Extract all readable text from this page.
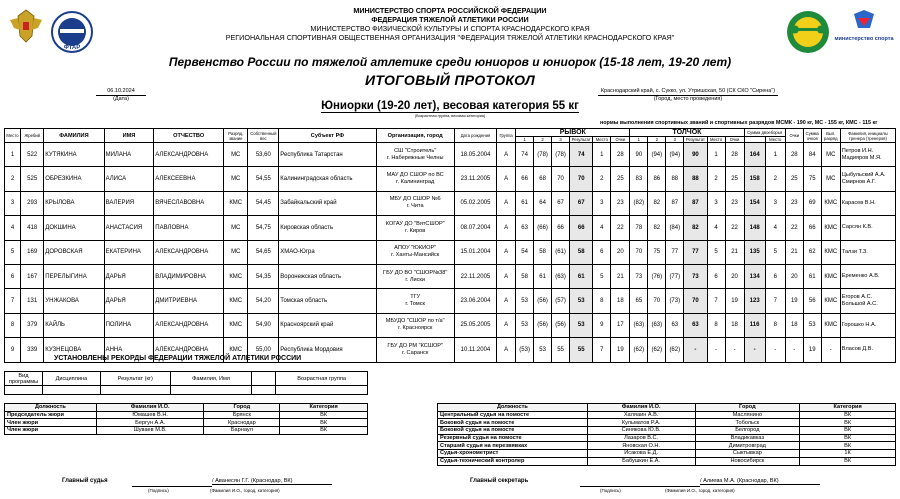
ФТАР
министерство спорта
МИНИСТЕРСТВО СПОРТА РОССИЙСКОЙ ФЕДЕРАЦИИ
ФЕДЕРАЦИЯ ТЯЖЕЛОЙ АТЛЕТИКИ РОССИИ
МИНИСТЕРСТВО ФИЗИЧЕСКОЙ КУЛЬТУРЫ И СПОРТА КРАСНОДАРСКОГО КРАЯ
РЕГИОНАЛЬНАЯ СПОРТИВНАЯ ОБЩЕСТВЕННАЯ ОРГАНИЗАЦИЯ "ФЕДЕРАЦИЯ ТЯЖЕЛОЙ АТЛЕТИКИ КРАСНОДАРСКОГО КРАЯ"
Первенство России по тяжелой атлетике среди юниоров и юниорок (15-18 лет, 19-20 лет)
ИТОГОВЫЙ ПРОТОКОЛ
06.10.2024
(Дата)
Краснодарский край, с. Сукко, ул. Утришская, 50 (СК СКО "Сирена")
(Город, место проведения)
Юниорки (19-20 лет), весовая категория 55 кг
(Возрастная группа, весовая категория)
нормы выполнения спортивных званий и спортивных разрядов МСМК - 190 кг, МС - 155 кг, КМС - 115 кг
Место	Жребий	ФАМИЛИЯ	ИМЯ	ОТЧЕСТВО	Разряд, звание	Собственный вес	Субъект РФ	Организация, город	Дата рождения	Группа	РЫВОК						ТОЛЧОК						Сумма двоеборья		Очки	Сумма очков	Вып. разряд	Фамилия, инициалы тренера (тренеров)
											1	2	3	Результат	Место	Очки	1	2	3	Результат	Место	Очки		Место				
1	522	КУТЯКИНА	МИЛАНА	АЛЕКСАНДРОВНА	МС	53,60	Республика Татарстан	СШ "Строитель"
г. Набережные Челны	18.05.2004	А	74	(78)	(78)	74	1	28	90	(94)	(94)	90	1	28	164	1	28	84	МС	Петров И.Н. Мадияров М.Я.
2	525	ОБРЕЗКИНА	АЛИСА	АЛЕКСЕЕВНА	МС	54,55	Калининградская область	МАУ ДО СШОР по ВС
г. Калининград	23.11.2005	А	66	68	70	70	2	25	83	86	88	88	2	25	158	2	25	75	МС	Цыбульский А.А. Смирнов А.Г.
3	293	КРЫЛОВА	ВАЛЕРИЯ	ВЯЧЕСЛАВОВНА	КМС	54,45	Забайкальский край	МБУ ДО СШОР №6
г. Чита	05.02.2005	А	61	64	67	67	3	23	(82)	82	87	87	3	23	154	3	23	69	КМС	Карасев В.Н.
4	418	ДОКШИНА	АНАСТАСИЯ	ПАВЛОВНА	МС	54,75	Кировская область	КОГАУ ДО "ВятСШОР"
г. Киров	08.07.2004	А	63	(66)	66	66	4	22	78	82	(84)	82	4	22	148	4	22	66	КМС	Сарсян К.В.
5	169	ДОРОВСКАЯ	ЕКАТЕРИНА	АЛЕКСАНДРОВНА	МС	54,65	ХМАО-Югра	АПОУ "ЮКИОР"
г. Ханты-Мансийск	15.01.2004	А	54	58	(61)	58	6	20	70	75	77	77	5	21	135	5	21	62	КМС	Талзи Т.З.
6	167	ПЕРЕЛЫГИНА	ДАРЬЯ	ВЛАДИМИРОВНА	КМС	54,35	Воронежская область	ГБУ ДО ВО "СШОР№38"
г. Лиски	22.11.2005	А	58	61	(63)	61	5	21	73	(76)	(77)	73	6	20	134	6	20	61	КМС	Еременко А.В.
7	131	УНЖАКОВА	ДАРЬЯ	ДМИТРИЕВНА	КМС	54,20	Томская область	ТГУ
г. Томск	23.06.2004	А	53	(56)	(57)	53	8	18	65	70	(73)	70	7	19	123	7	19	56	КМС	Егоров А.С. Большой А.С.
8	379	КАЙЛЬ	ПОЛИНА	АЛЕКСАНДРОВНА	КМС	54,90	Красноярский край	МБУДО "СШОР по т/а"
г. Красноярск	25.05.2005	А	53	(56)	(56)	53	9	17	(63)	(63)	63	63	8	18	116	8	18	53	КМС	Горошко Н.А.
9	339	КУЗНЕЦОВА	АННА	АЛЕКСАНДРОВНА	КМС	55,00	Республика Мордовия	ГБУ ДО РМ "КСШОР"
г. Саранск	10.11.2004	А	(53)	53	55	55	7	19	(62)	(62)	(62)	-	-	-	-	-	-	19	-	Власов Д.В.
УСТАНОВЛЕНЫ РЕКОРДЫ ФЕДЕРАЦИИ ТЯЖЕЛОЙ АТЛЕТИКИ РОССИИ
Вид программы	Дисциплина	Результат (кг)	Фамилия, Имя		Возрастная группа

Должность	Фамилия И.О.	Город	Категория
Председатель жюри	Юмашев В.Н.	Брянск	ВК
Член жюри	Бергун А.А.	Краснодар	ВК
Член жюри	Шуваев М.В.	Барнаул	ВК
Должность	Фамилия И.О.	Город	Категория
Центральный судья на помосте	Халяаин А.В.	Маслянино	ВК
Боковой судья на помосте	Кульматов Р.А.	Тобольск	ВК
Боковой судья на помосте	Синякова Ю.В.	Белгород	ВК
Резервный судья на помосте	Лазаров В.С.	Владикавказ	ВК
Старший судья на перезвявках	Яновская О.Н.	Димитровград	ВК
Судья-хронометрист	Исакова Е.Д.	Сыктывкар	1К
Судья-технический контролер	Бабушкин Е.А.	Новосибирск	ВК
Главный судья	/ Аванесян Г.Г. (Краснодар, ВК)
(Подпись)	(Фамилия И.О., город, категория)
Главный секретарь	/ Алиева М.А. (Краснодар, ВК)
(Подпись)	(Фамилия И.О., город, категория)
